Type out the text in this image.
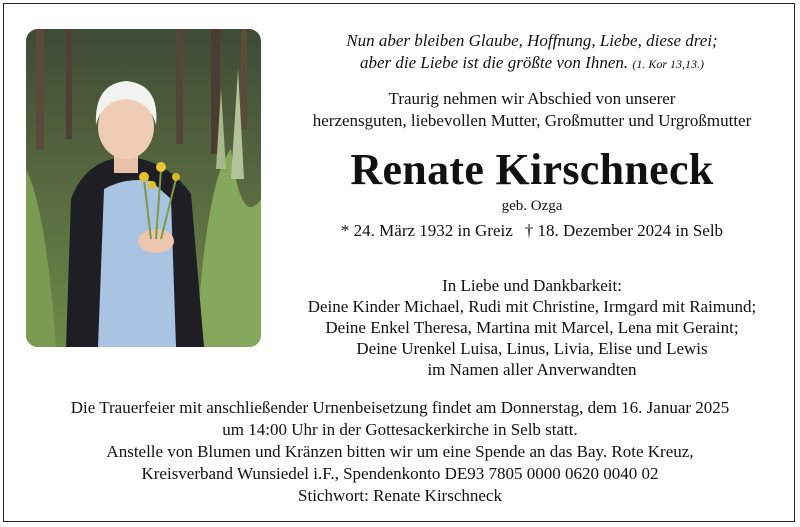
Nun aber bleiben Glaube, Hoffnung, Liebe, diese drei;
aber die Liebe ist die größte von Ihnen. (1. Kor 13,13.)
Traurig nehmen wir Abschied von unserer
herzensguten, liebevollen Mutter, Großmutter und Urgroßmutter
Renate Kirschneck
geb. Ozga
* 24. März 1932 in Greiz † 18. Dezember 2024 in Selb
In Liebe und Dankbarkeit:
Deine Kinder Michael, Rudi mit Christine, Irmgard mit Raimund;
Deine Enkel Theresa, Martina mit Marcel, Lena mit Geraint;
Deine Urenkel Luisa, Linus, Livia, Elise und Lewis
im Namen aller Anverwandten
Die Trauerfeier mit anschließender Urnenbeisetzung findet am Donnerstag, dem 16. Januar 2025
um 14:00 Uhr in der Gottesackerkirche in Selb statt.
Anstelle von Blumen und Kränzen bitten wir um eine Spende an das Bay. Rote Kreuz,
Kreisverband Wunsiedel i.F., Spendenkonto DE93 7805 0000 0620 0040 02
Stichwort: Renate Kirschneck
